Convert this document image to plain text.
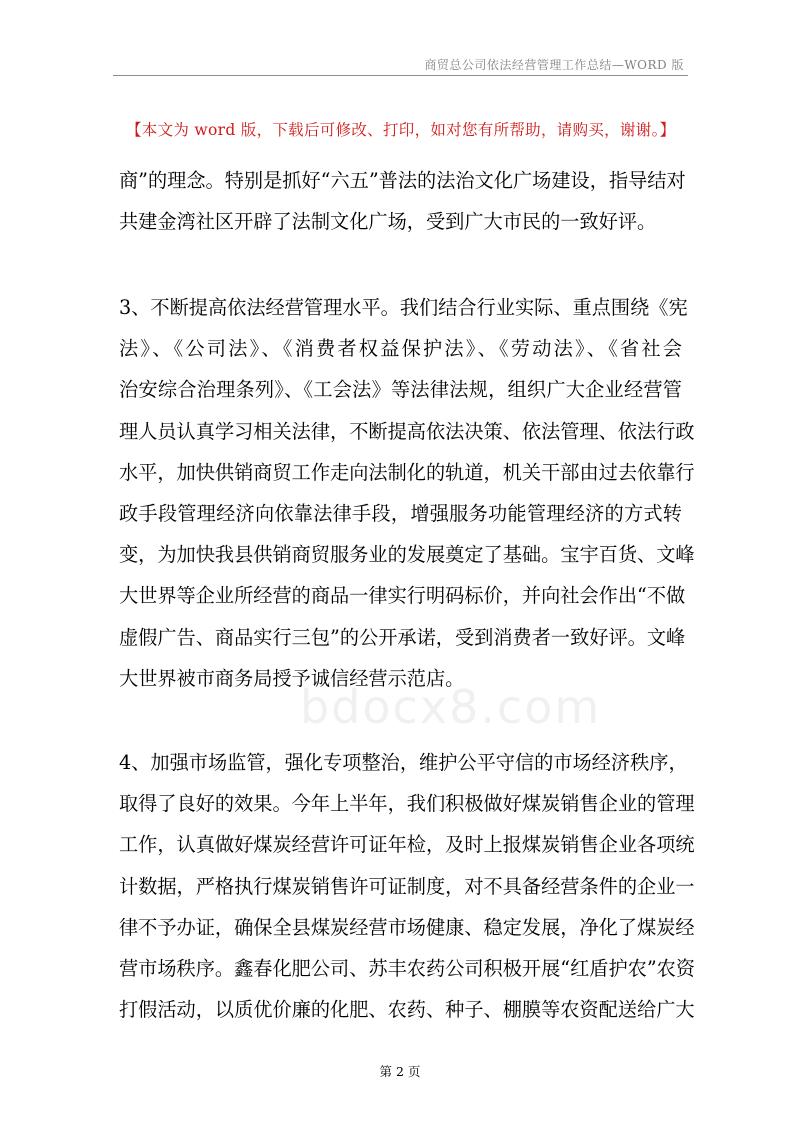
商贸总公司依法经营管理工作总结—WORD 版
【本文为 word 版，下载后可修改、打印，如对您有所帮助，请购买，谢谢。】
bdocx8.com
商”的理念。特别是抓好“六五”普法的法治文化广场建设，指导结对
共建金湾社区开辟了法制文化广场，受到广大市民的一致好评。
3、不断提高依法经营管理水平。我们结合行业实际、重点围绕《宪
法》、《公司法》、《消费者权益保护法》、《劳动法》、《省社会
治安综合治理条列》、《工会法》等法律法规，组织广大企业经营管
理人员认真学习相关法律，不断提高依法决策、依法管理、依法行政
水平，加快供销商贸工作走向法制化的轨道，机关干部由过去依靠行
政手段管理经济向依靠法律手段，增强服务功能管理经济的方式转
变，为加快我县供销商贸服务业的发展奠定了基础。宝宇百货、文峰
大世界等企业所经营的商品一律实行明码标价，并向社会作出“不做
虚假广告、商品实行三包”的公开承诺，受到消费者一致好评。文峰
大世界被市商务局授予诚信经营示范店。
4、加强市场监管，强化专项整治，维护公平守信的市场经济秩序，
取得了良好的效果。今年上半年，我们积极做好煤炭销售企业的管理
工作，认真做好煤炭经营许可证年检，及时上报煤炭销售企业各项统
计数据，严格执行煤炭销售许可证制度，对不具备经营条件的企业一
律不予办证，确保全县煤炭经营市场健康、稳定发展，净化了煤炭经
营市场秩序。鑫春化肥公司、苏丰农药公司积极开展“红盾护农”农资
打假活动，以质优价廉的化肥、农药、种子、棚膜等农资配送给广大
第 2 页
